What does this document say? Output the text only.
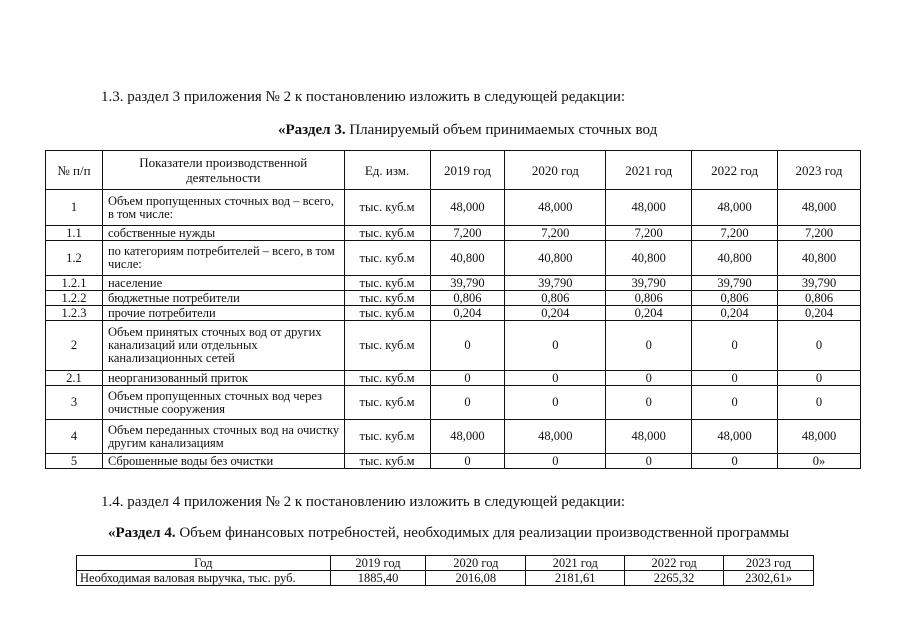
1.3. раздел 3 приложения № 2 к постановлению изложить в следующей редакции:
«Раздел 3. Планируемый объем принимаемых сточных вод
№ п/п	Показатели производственной деятельности	Ед. изм.	2019 год	2020 год	2021 год	2022 год	2023 год
1	Объем пропущенных сточных вод – всего, в том числе:	тыс. куб.м	48,000	48,000	48,000	48,000	48,000
1.1	собственные нужды	тыс. куб.м	7,200	7,200	7,200	7,200	7,200
1.2	по категориям потребителей – всего, в том числе:	тыс. куб.м	40,800	40,800	40,800	40,800	40,800
1.2.1	население	тыс. куб.м	39,790	39,790	39,790	39,790	39,790
1.2.2	бюджетные потребители	тыс. куб.м	0,806	0,806	0,806	0,806	0,806
1.2.3	прочие потребители	тыс. куб.м	0,204	0,204	0,204	0,204	0,204
2	Объем принятых сточных вод от других канализаций или отдельных канализационных сетей	тыс. куб.м	0	0	0	0	0
2.1	неорганизованный приток	тыс. куб.м	0	0	0	0	0
3	Объем пропущенных сточных вод через очистные сооружения	тыс. куб.м	0	0	0	0	0
4	Объем переданных сточных вод на очистку другим канализациям	тыс. куб.м	48,000	48,000	48,000	48,000	48,000
5	Сброшенные воды без очистки	тыс. куб.м	0	0	0	0	0»
1.4. раздел 4 приложения № 2 к постановлению изложить в следующей редакции:
«Раздел 4. Объем финансовых потребностей, необходимых для реализации производственной программы
Год	2019 год	2020 год	2021 год	2022 год	2023 год
Необходимая валовая выручка, тыс. руб.	1885,40	2016,08	2181,61	2265,32	2302,61»
